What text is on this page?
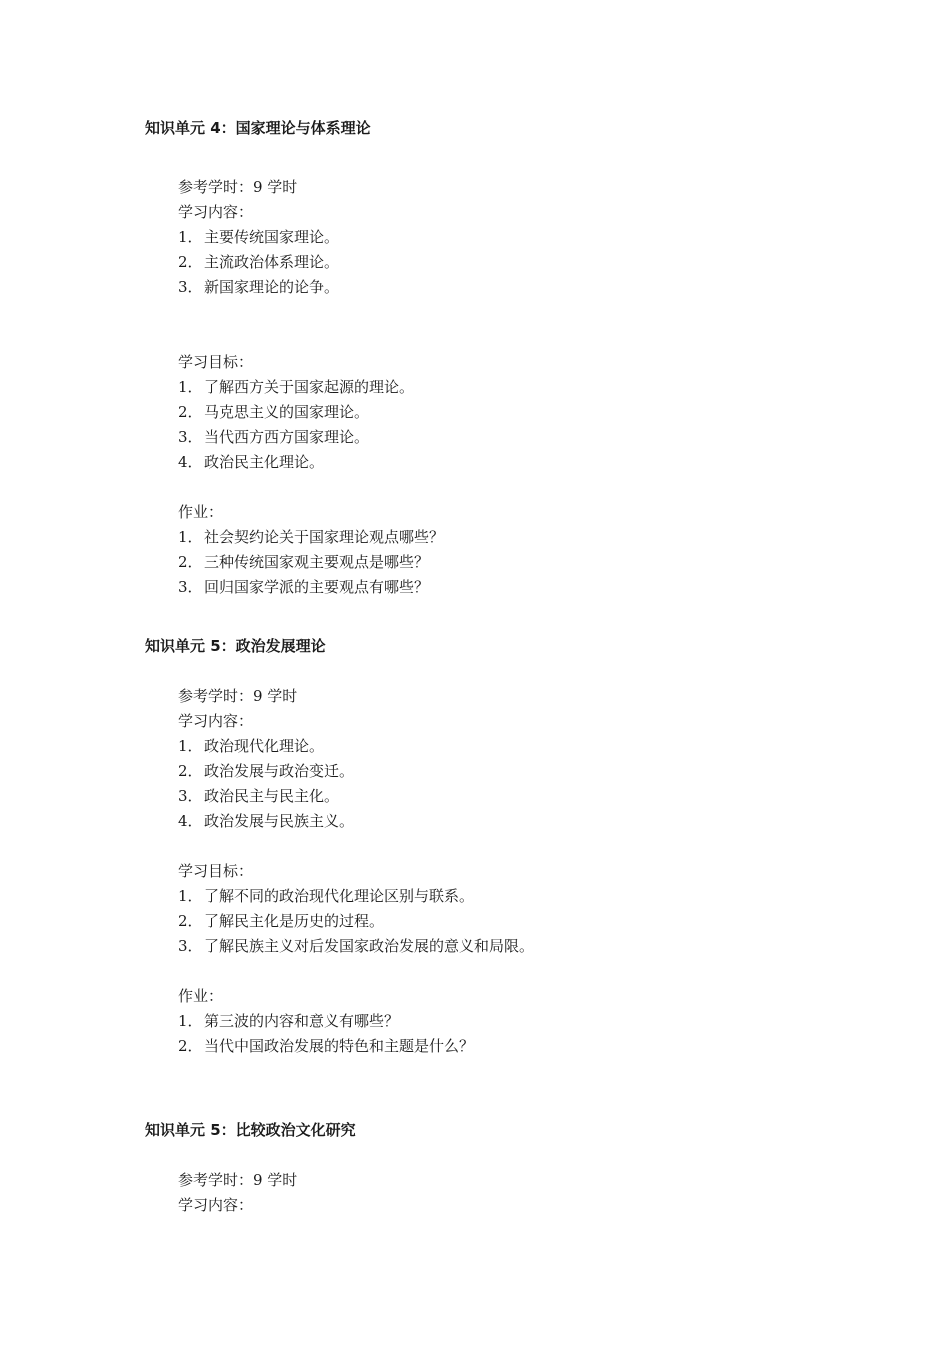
知识单元 4：国家理论与体系理论
参考学时：9 学时
学习内容：
1．主要传统国家理论。
2．主流政治体系理论。
3．新国家理论的论争。
学习目标：
1．了解西方关于国家起源的理论。
2．马克思主义的国家理论。
3．当代西方西方国家理论。
4．政治民主化理论。
作业：
1．社会契约论关于国家理论观点哪些？
2．三种传统国家观主要观点是哪些？
3．回归国家学派的主要观点有哪些？
知识单元 5：政治发展理论
参考学时：9 学时
学习内容：
1．政治现代化理论。
2．政治发展与政治变迁。
3．政治民主与民主化。
4．政治发展与民族主义。
学习目标：
1．了解不同的政治现代化理论区别与联系。
2．了解民主化是历史的过程。
3．了解民族主义对后发国家政治发展的意义和局限。
作业：
1．第三波的内容和意义有哪些？
2．当代中国政治发展的特色和主题是什么？
知识单元 5：比较政治文化研究
参考学时：9 学时
学习内容：
